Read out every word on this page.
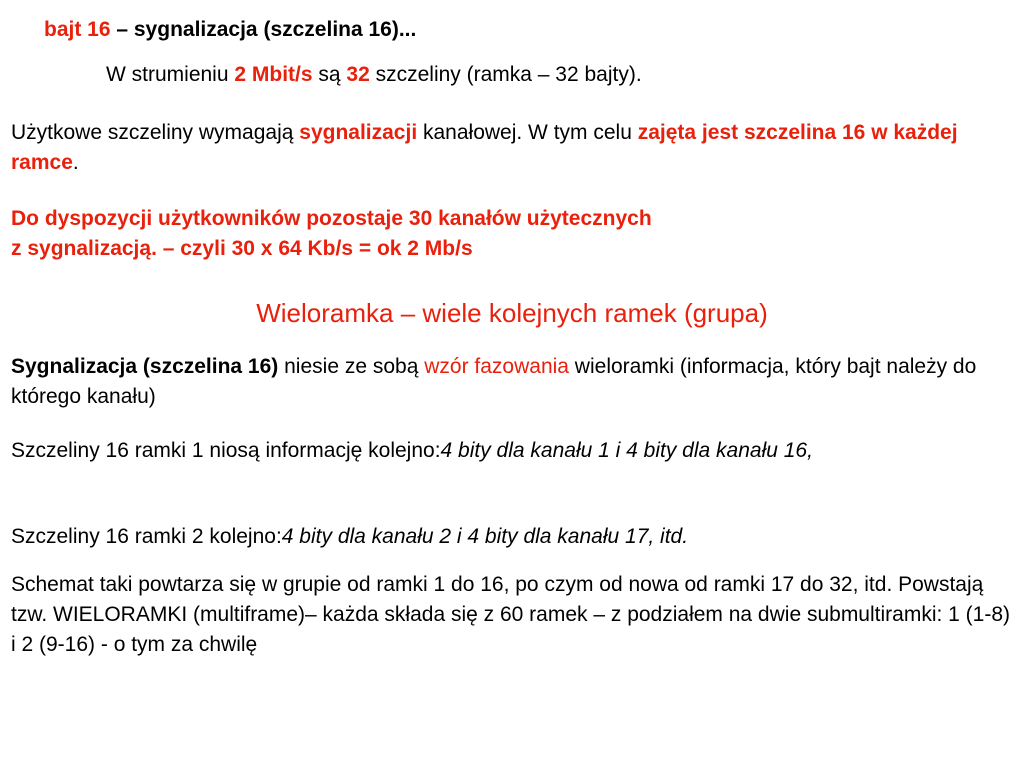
bajt 16 – sygnalizacja (szczelina 16)...
W strumieniu 2 Mbit/s są 32 szczeliny (ramka – 32 bajty).

Użytkowe szczeliny wymagają sygnalizacji kanałowej. W tym celu zajęta jest szczelina 16 w każdej ramce.

Do dyspozycji użytkowników pozostaje 30 kanałów użytecznych
z sygnalizacją. – czyli 30 x 64 Kb/s = ok 2 Mb/s

Wieloramka – wiele kolejnych ramek (grupa)

Sygnalizacja (szczelina 16) niesie ze sobą wzór fazowania wieloramki (informacja, który bajt należy do którego kanału)

Szczeliny 16 ramki 1 niosą informację kolejno:4 bity dla kanału 1 i 4 bity dla kanału 16,

Szczeliny 16 ramki 2 kolejno:4 bity dla kanału 2 i 4 bity dla kanału 17, itd.

Schemat taki powtarza się w grupie od ramki 1 do 16, po czym od nowa od ramki 17 do 32, itd. Powstają tzw. WIELORAMKI (multiframe)– każda składa się z 60 ramek – z podziałem na dwie submultiramki: 1 (1-8) i 2 (9-16) - o tym za chwilę
